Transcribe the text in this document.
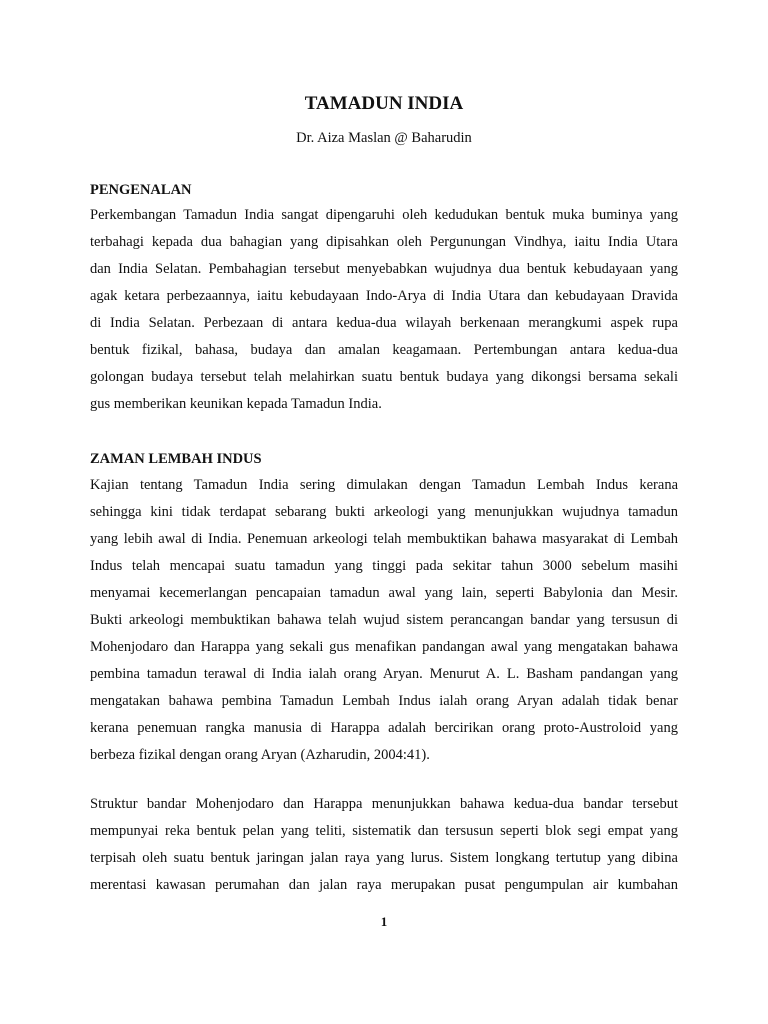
TAMADUN INDIA
Dr. Aiza Maslan @ Baharudin
PENGENALAN
Perkembangan Tamadun India sangat dipengaruhi oleh kedudukan bentuk muka buminya yang
terbahagi kepada dua bahagian yang dipisahkan oleh Pergunungan Vindhya, iaitu India Utara
dan India Selatan. Pembahagian tersebut menyebabkan wujudnya dua bentuk kebudayaan yang
agak ketara perbezaannya, iaitu kebudayaan Indo-Arya di India Utara dan kebudayaan Dravida
di India Selatan. Perbezaan di antara kedua-dua wilayah berkenaan merangkumi aspek rupa
bentuk fizikal, bahasa, budaya dan amalan keagamaan. Pertembungan antara kedua-dua
golongan budaya tersebut telah melahirkan suatu bentuk budaya yang dikongsi bersama sekali
gus memberikan keunikan kepada Tamadun India.
ZAMAN LEMBAH INDUS
Kajian tentang Tamadun India sering dimulakan dengan Tamadun Lembah Indus kerana
sehingga kini tidak terdapat sebarang bukti arkeologi yang menunjukkan wujudnya tamadun
yang lebih awal di India. Penemuan arkeologi telah membuktikan bahawa masyarakat di Lembah
Indus telah mencapai suatu tamadun yang tinggi pada sekitar tahun 3000 sebelum masihi
menyamai kecemerlangan pencapaian tamadun awal yang lain, seperti Babylonia dan Mesir.
Bukti arkeologi membuktikan bahawa telah wujud sistem perancangan bandar yang tersusun di
Mohenjodaro dan Harappa yang sekali gus menafikan pandangan awal yang mengatakan bahawa
pembina tamadun terawal di India ialah orang Aryan. Menurut A. L. Basham pandangan yang
mengatakan bahawa pembina Tamadun Lembah Indus ialah orang Aryan adalah tidak benar
kerana penemuan rangka manusia di Harappa adalah bercirikan orang proto-Austroloid yang
berbeza fizikal dengan orang Aryan (Azharudin, 2004:41).
Struktur bandar Mohenjodaro dan Harappa menunjukkan bahawa kedua-dua bandar tersebut
mempunyai reka bentuk pelan yang teliti, sistematik dan tersusun seperti blok segi empat yang
terpisah oleh suatu bentuk jaringan jalan raya yang lurus. Sistem longkang tertutup yang dibina
merentasi kawasan perumahan dan jalan raya merupakan pusat pengumpulan air kumbahan
1
